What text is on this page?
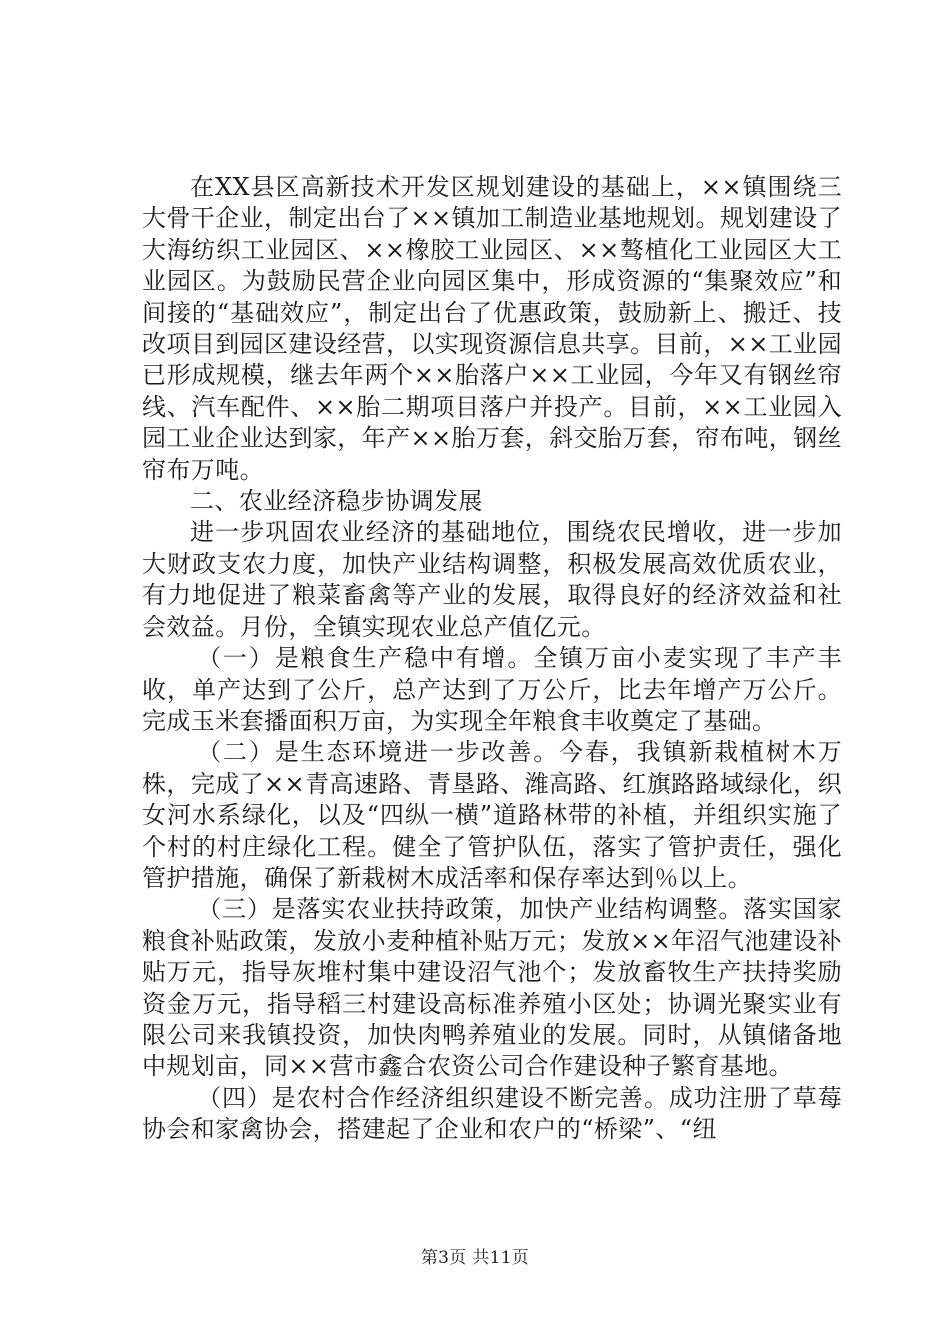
在XX县区高新技术开发区规划建设的基础上，××镇围绕三大骨干企业，制定出台了××镇加工制造业基地规划。规划建设了大海纺织工业园区、××橡胶工业园区、××骜植化工业园区大工业园区。为鼓励民营企业向园区集中，形成资源的“集聚效应”和间接的“基础效应”，制定出台了优惠政策，鼓励新上、搬迁、技改项目到园区建设经营，以实现资源信息共享。目前，××工业园已形成规模，继去年两个××胎落户××工业园，今年又有钢丝帘线、汽车配件、××胎二期项目落户并投产。目前，××工业园入园工业企业达到家，年产××胎万套，斜交胎万套，帘布吨，钢丝帘布万吨。

二、农业经济稳步协调发展

进一步巩固农业经济的基础地位，围绕农民增收，进一步加大财政支农力度，加快产业结构调整，积极发展高效优质农业，有力地促进了粮菜畜禽等产业的发展，取得良好的经济效益和社会效益。月份，全镇实现农业总产值亿元。

（一）是粮食生产稳中有增。全镇万亩小麦实现了丰产丰收，单产达到了公斤，总产达到了万公斤，比去年增产万公斤。完成玉米套播面积万亩，为实现全年粮食丰收奠定了基础。

（二）是生态环境进一步改善。今春，我镇新栽植树木万株，完成了××青高速路、青垦路、潍高路、红旗路路域绿化，织女河水系绿化，以及“四纵一横”道路林带的补植，并组织实施了个村的村庄绿化工程。健全了管护队伍，落实了管护责任，强化管护措施，确保了新栽树木成活率和保存率达到％以上。

（三）是落实农业扶持政策，加快产业结构调整。落实国家粮食补贴政策，发放小麦种植补贴万元；发放××年沼气池建设补贴万元，指导灰堆村集中建设沼气池个；发放畜牧生产扶持奖励资金万元，指导稻三村建设高标准养殖小区处；协调光聚实业有限公司来我镇投资，加快肉鸭养殖业的发展。同时，从镇储备地中规划亩，同××营市鑫合农资公司合作建设种子繁育基地。

（四）是农村合作经济组织建设不断完善。成功注册了草莓协会和家禽协会，搭建起了企业和农户的“桥梁”、“纽

第3页 共11页
